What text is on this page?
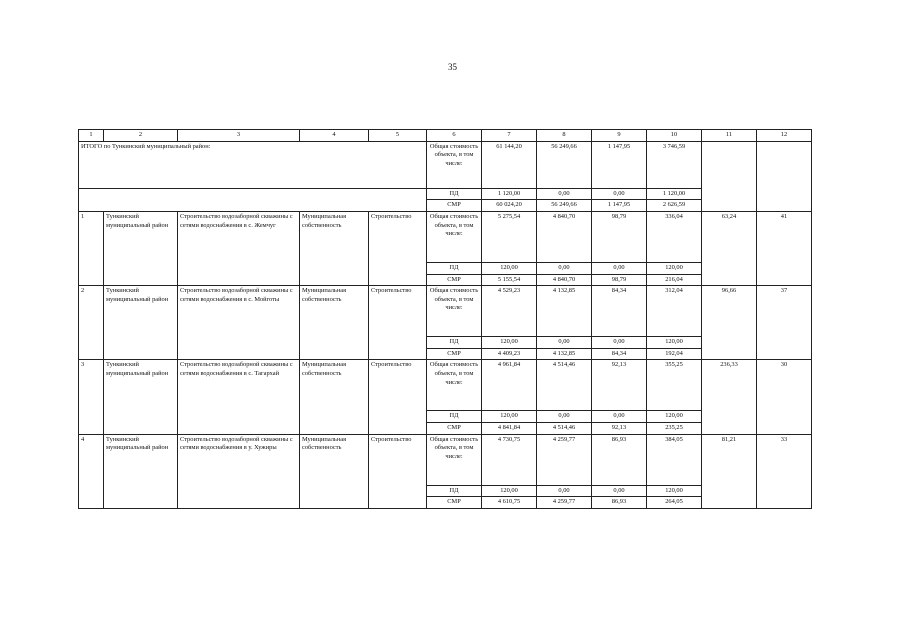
35
1	2	3	4	5	6	7	8	9	10	11	12
ИТОГО по Тункинский муниципальный район:					Общая стоимость объекта, в том числе:	61 144,20	56 249,66	1 147,95	3 746,59		
					ПД	1 120,00	0,00	0,00	1 120,00		
					СМР	60 024,20	56 249,66	1 147,95	2 626,59		
1	Тункинский муниципальный район	Строительство водозаборной скважины с сетями водоснабжения в с. Жемчуг	Муниципальная собственность	Строительство	Общая стоимость объекта, в том числе:	5 275,54	4 840,70	98,79	336,04	63,24	41
					ПД	120,00	0,00	0,00	120,00		
					СМР	5 155,54	4 840,70	98,79	216,04		
2	Тункинский муниципальный район	Строительство водозаборной скважины с сетями водоснабжения в с. Мойготы	Муниципальная собственность	Строительство	Общая стоимость объекта, в том числе:	4 529,23	4 132,85	84,34	312,04	96,66	37
					ПД	120,00	0,00	0,00	120,00		
					СМР	4 409,23	4 132,85	84,34	192,04		
3	Тункинский муниципальный район	Строительство водозаборной скважины с сетями водоснабжения в с. Тагархай	Муниципальная собственность	Строительство	Общая стоимость объекта, в том числе:	4 961,84	4 514,46	92,13	355,25	236,33	30
					ПД	120,00	0,00	0,00	120,00		
					СМР	4 841,84	4 514,46	92,13	235,25		
4	Тункинский муниципальный район	Строительство водозаборной скважины с сетями водоснабжения в у. Хужиры	Муниципальная собственность	Строительство	Общая стоимость объекта, в том числе:	4 730,75	4 259,77	86,93	384,05	81,21	33
					ПД	120,00	0,00	0,00	120,00		
					СМР	4 610,75	4 259,77	86,93	264,05		
